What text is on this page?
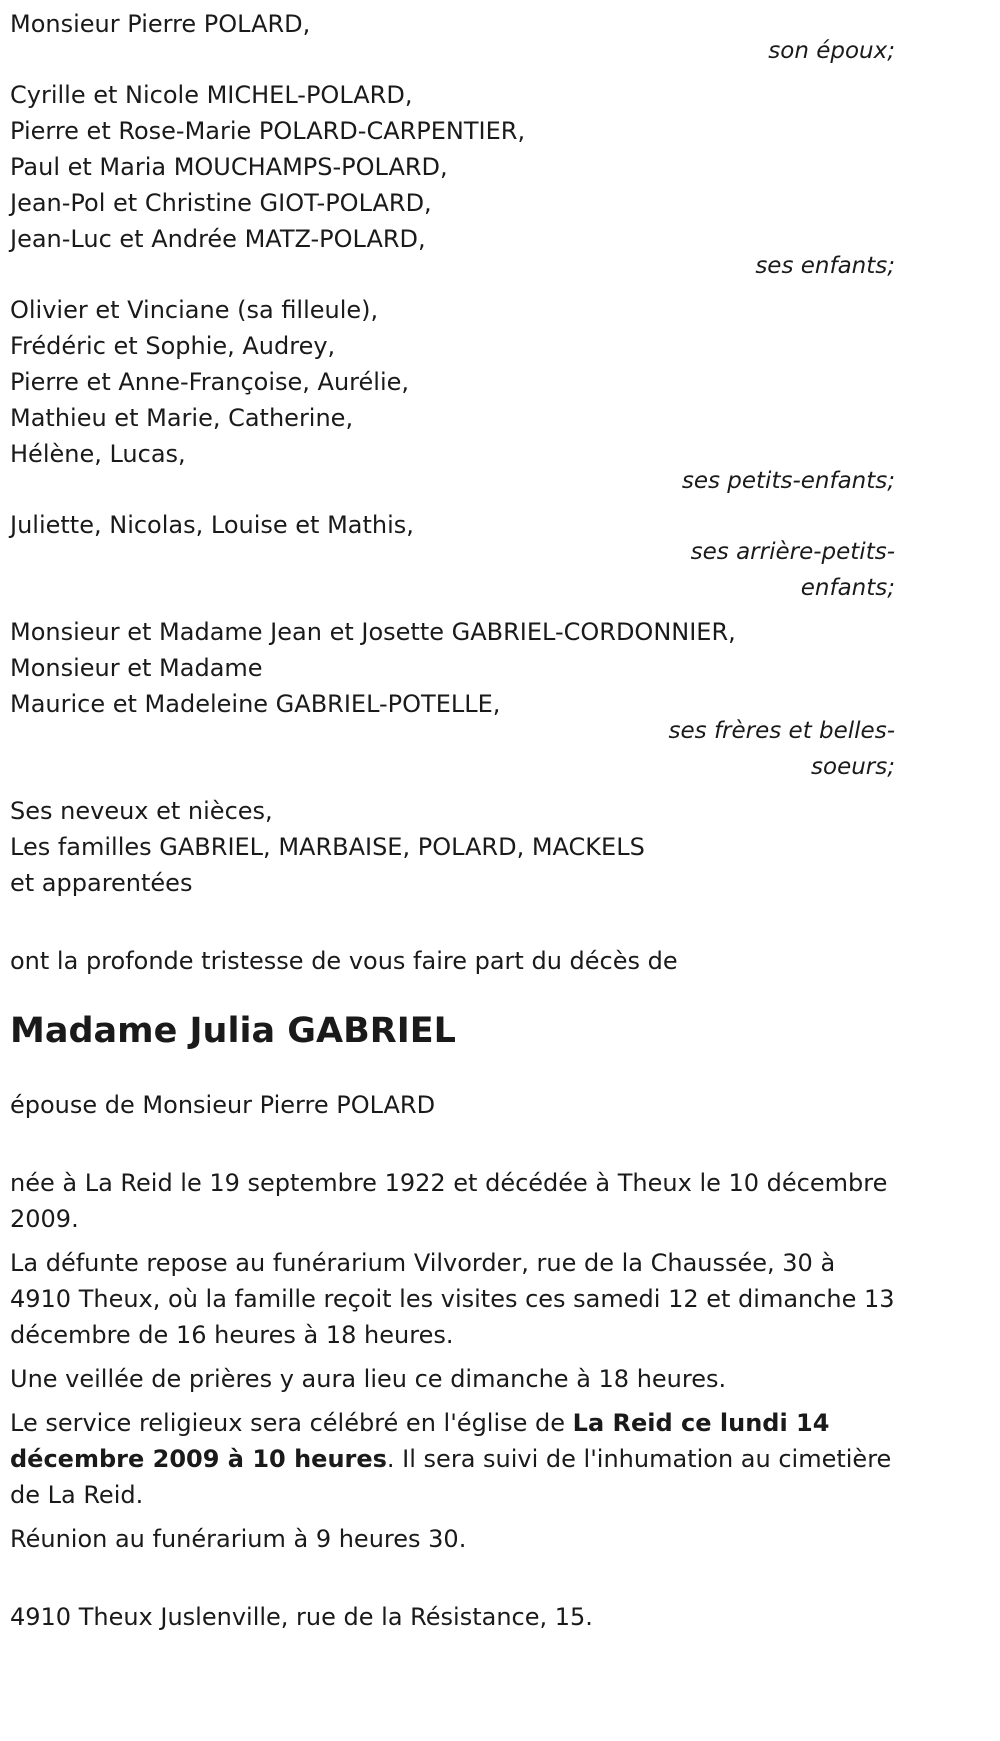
Monsieur Pierre POLARD,
son époux;
Cyrille et Nicole MICHEL-POLARD,
Pierre et Rose-Marie POLARD-CARPENTIER,
Paul et Maria MOUCHAMPS-POLARD,
Jean-Pol et Christine GIOT-POLARD,
Jean-Luc et Andrée MATZ-POLARD,
ses enfants;
Olivier et Vinciane (sa filleule),
Frédéric et Sophie, Audrey,
Pierre et Anne-Françoise, Aurélie,
Mathieu et Marie, Catherine,
Hélène, Lucas,
ses petits-enfants;
Juliette, Nicolas, Louise et Mathis,
ses arrière-petits-
enfants;
Monsieur et Madame Jean et Josette GABRIEL-CORDONNIER,
Monsieur et Madame
Maurice et Madeleine GABRIEL-POTELLE,
ses frères et belles-
soeurs;
Ses neveux et nièces,
Les familles GABRIEL, MARBAISE, POLARD, MACKELS
et apparentées
ont la profonde tristesse de vous faire part du décès de
Madame Julia GABRIEL
épouse de Monsieur Pierre POLARD
née à La Reid le 19 septembre 1922 et décédée à Theux le 10 décembre 2009.
La défunte repose au funérarium Vilvorder, rue de la Chaussée, 30 à 4910 Theux, où la famille reçoit les visites ces samedi 12 et dimanche 13 décembre de 16 heures à 18 heures.
Une veillée de prières y aura lieu ce dimanche à 18 heures.
Le service religieux sera célébré en l'église de La Reid ce lundi 14 décembre 2009 à 10 heures. Il sera suivi de l'inhumation au cimetière de La Reid.
Réunion au funérarium à 9 heures 30.
4910 Theux Juslenville, rue de la Résistance, 15.
